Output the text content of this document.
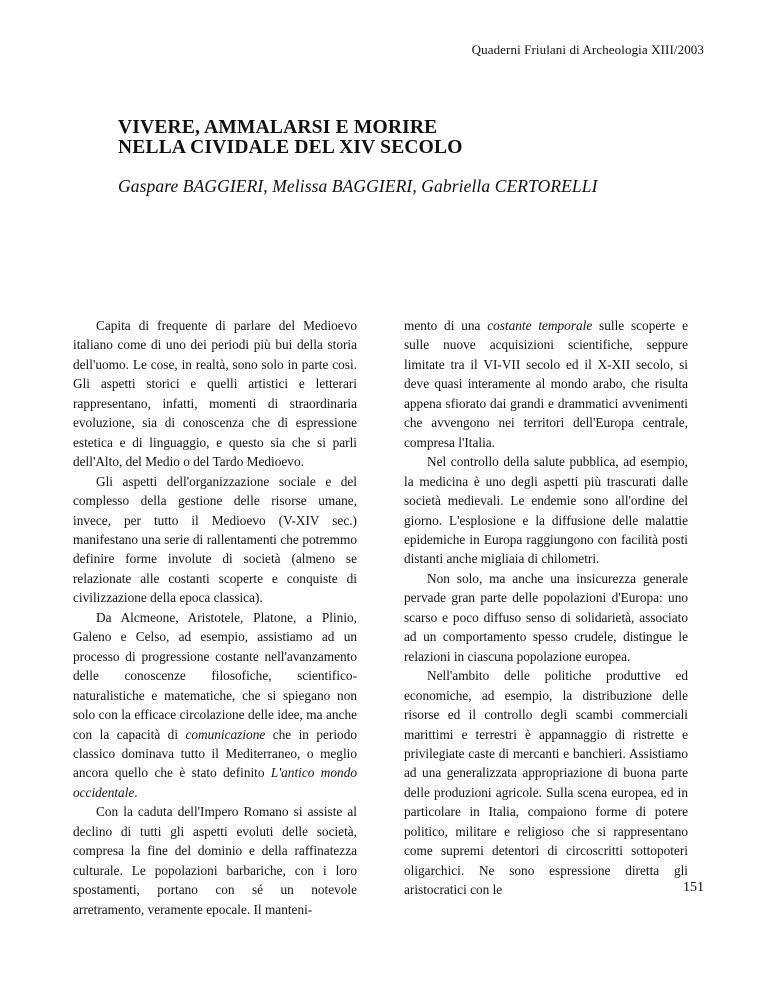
Quaderni Friulani di Archeologia XIII/2003
VIVERE, AMMALARSI E MORIRE
NELLA CIVIDALE DEL XIV SECOLO
Gaspare BAGGIERI, Melissa BAGGIERI, Gabriella CERTORELLI

Capita di frequente di parlare del Medioevo italiano come di uno dei periodi più bui della storia dell'uomo. Le cose, in realtà, sono solo in parte così. Gli aspetti storici e quelli artistici e letterari rappresentano, infatti, momenti di straordinaria evoluzione, sia di conoscenza che di espressione estetica e di linguaggio, e questo sia che si parli dell'Alto, del Medio o del Tardo Medioevo.

Gli aspetti dell'organizzazione sociale e del complesso della gestione delle risorse umane, invece, per tutto il Medioevo (V-XIV sec.) manifestano una serie di rallentamenti che potremmo definire forme involute di società (almeno se relazionate alle costanti scoperte e conquiste di civilizzazione della epoca classica).

Da Alcmeone, Aristotele, Platone, a Plinio, Galeno e Celso, ad esempio, assistiamo ad un processo di progressione costante nell'avanzamento delle conoscenze filosofiche, scientifico-naturalistiche e matematiche, che si spiegano non solo con la efficace circolazione delle idee, ma anche con la capacità di comunicazione che in periodo classico dominava tutto il Mediterraneo, o meglio ancora quello che è stato definito L'antico mondo occidentale.

Con la caduta dell'Impero Romano si assiste al declino di tutti gli aspetti evoluti delle società, compresa la fine del dominio e della raffinatezza culturale. Le popolazioni barbariche, con i loro spostamenti, portano con sé un notevole arretramento, veramente epocale. Il manteni-

mento di una costante temporale sulle scoperte e sulle nuove acquisizioni scientifiche, seppure limitate tra il VI-VII secolo ed il X-XII secolo, si deve quasi interamente al mondo arabo, che risulta appena sfiorato dai grandi e drammatici avvenimenti che avvengono nei territori dell'Europa centrale, compresa l'Italia.

Nel controllo della salute pubblica, ad esempio, la medicina è uno degli aspetti più trascurati dalle società medievali. Le endemie sono all'ordine del giorno. L'esplosione e la diffusione delle malattie epidemiche in Europa raggiungono con facilità posti distanti anche migliaia di chilometri.

Non solo, ma anche una insicurezza generale pervade gran parte delle popolazioni d'Europa: uno scarso e poco diffuso senso di solidarietà, associato ad un comportamento spesso crudele, distingue le relazioni in ciascuna popolazione europea.

Nell'ambito delle politiche produttive ed economiche, ad esempio, la distribuzione delle risorse ed il controllo degli scambi commerciali marittimi e terrestri è appannaggio di ristrette e privilegiate caste di mercanti e banchieri. Assistiamo ad una generalizzata appropriazione di buona parte delle produzioni agricole. Sulla scena europea, ed in particolare in Italia, compaiono forme di potere politico, militare e religioso che si rappresentano come supremi detentori di circoscritti sottopoteri oligarchici. Ne sono espressione diretta gli aristocratici con le	151
